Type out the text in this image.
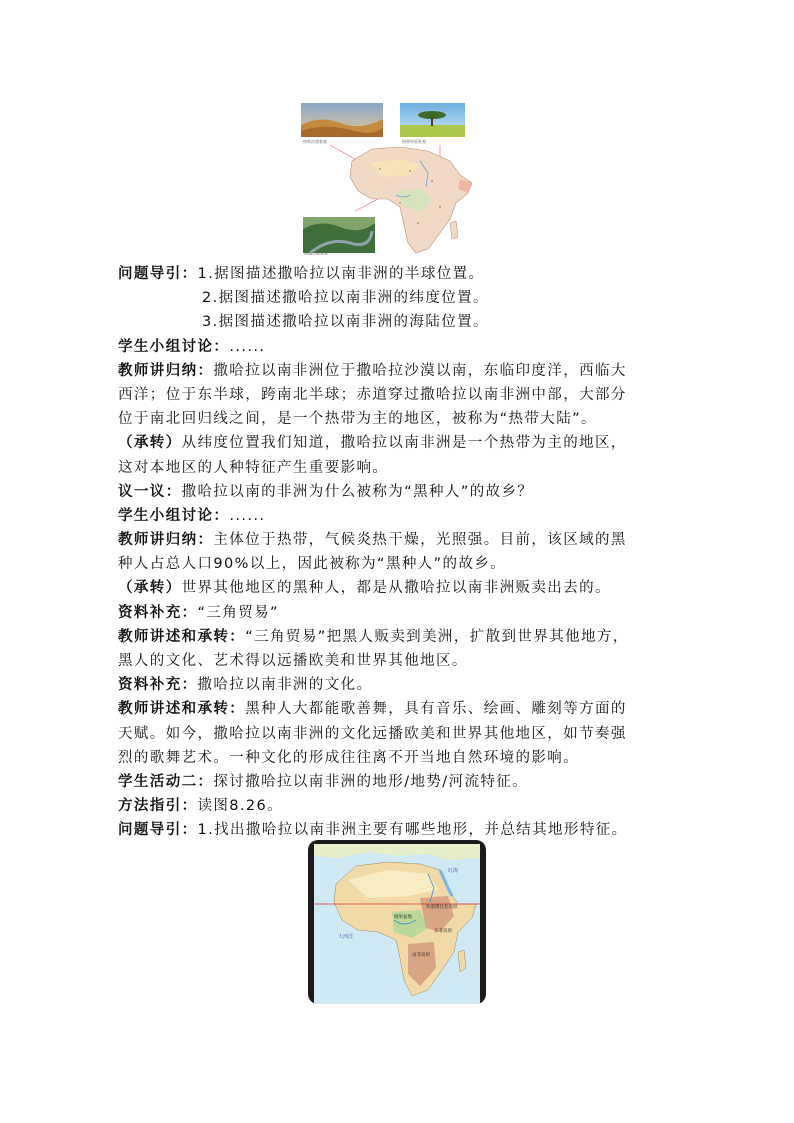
热带沙漠景观	热带草原景观
热带雨林景观
问题导引：1.据图描述撒哈拉以南非洲的半球位置。
2.据图描述撒哈拉以南非洲的纬度位置。
3.据图描述撒哈拉以南非洲的海陆位置。
学生小组讨论：......
教师讲归纳：撒哈拉以南非洲位于撒哈拉沙漠以南，东临印度洋，西临大
西洋；位于东半球，跨南北半球；赤道穿过撒哈拉以南非洲中部，大部分
位于南北回归线之间，是一个热带为主的地区，被称为“热带大陆”。
（承转）从纬度位置我们知道，撒哈拉以南非洲是一个热带为主的地区，
这对本地区的人种特征产生重要影响。
议一议：撒哈拉以南的非洲为什么被称为“黑种人”的故乡？
学生小组讨论：......
教师讲归纳：主体位于热带，气候炎热干燥，光照强。目前，该区域的黑
种人占总人口90%以上，因此被称为“黑种人”的故乡。
（承转）世界其他地区的黑种人，都是从撒哈拉以南非洲贩卖出去的。
资料补充：“三角贸易”
教师讲述和承转：“三角贸易”把黑人贩卖到美洲，扩散到世界其他地方，
黑人的文化、艺术得以远播欧美和世界其他地区。
资料补充：撒哈拉以南非洲的文化。
教师讲述和承转：黑种人大都能歌善舞，具有音乐、绘画、雕刻等方面的
天赋。如今，撒哈拉以南非洲的文化远播欧美和世界其他地区，如节奏强
烈的歌舞艺术。一种文化的形成往往离不开当地自然环境的影响。
学生活动二：探讨撒哈拉以南非洲的地形/地势/河流特征。
方法指引：读图8.26。
问题导引：1.找出撒哈拉以南非洲主要有哪些地形，并总结其地形特征。
红海
埃塞俄比亚高原
刚果盆地
东非高原
大西洋
南非高原
